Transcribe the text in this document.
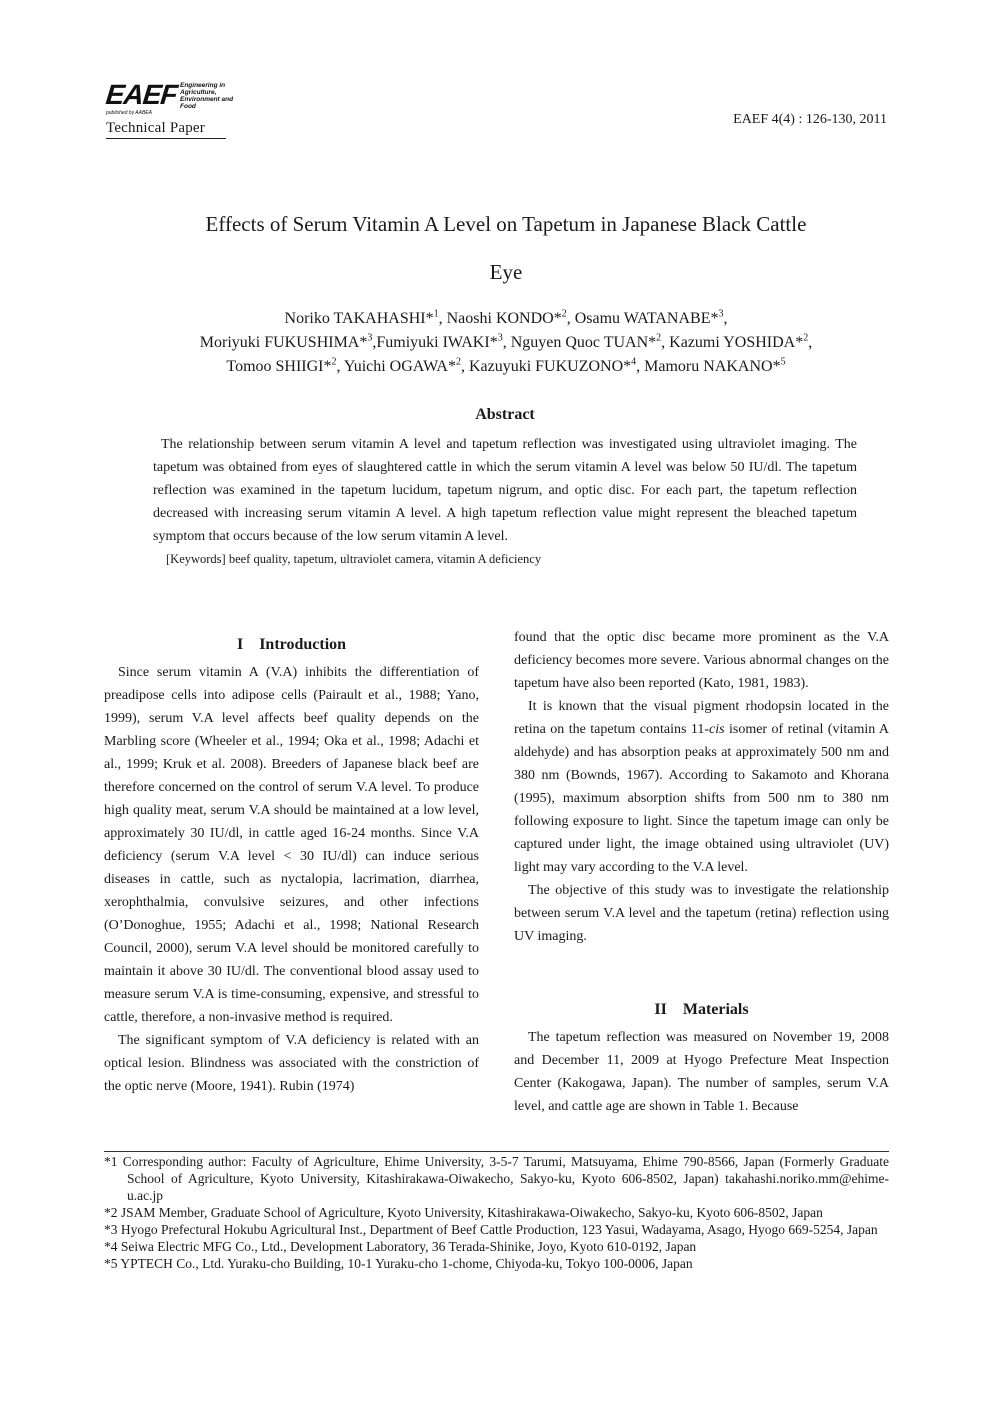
EAEF Engineering in Agriculture, Environment and Food
published by AABEA
Technical Paper
EAEF 4(4) : 126-130, 2011
Effects of Serum Vitamin A Level on Tapetum in Japanese Black Cattle
Eye
Noriko TAKAHASHI*$^1$, Naoshi KONDO*$^2$, Osamu WATANABE*$^3$,
Moriyuki FUKUSHIMA*$^3$,Fumiyuki IWAKI*$^3$, Nguyen Quoc TUAN*$^2$, Kazumi YOSHIDA*$^2$,
Tomoo SHIIGI*$^2$, Yuichi OGAWA*$^2$, Kazuyuki FUKUZONO*$^4$, Mamoru NAKANO*$^5$
Abstract
The relationship between serum vitamin A level and tapetum reflection was investigated using ultraviolet imaging. The tapetum was obtained from eyes of slaughtered cattle in which the serum vitamin A level was below 50 IU/dl. The tapetum reflection was examined in the tapetum lucidum, tapetum nigrum, and optic disc. For each part, the tapetum reflection decreased with increasing serum vitamin A level. A high tapetum reflection value might represent the bleached tapetum symptom that occurs because of the low serum vitamin A level.
[Keywords] beef quality, tapetum, ultraviolet camera, vitamin A deficiency
I Introduction

Since serum vitamin A (V.A) inhibits the differentiation of preadipose cells into adipose cells (Pairault et al., 1988; Yano, 1999), serum V.A level affects beef quality depends on the Marbling score (Wheeler et al., 1994; Oka et al., 1998; Adachi et al., 1999; Kruk et al. 2008). Breeders of Japanese black beef are therefore concerned on the control of serum V.A level. To produce high quality meat, serum V.A should be maintained at a low level, approximately 30 IU/dl, in cattle aged 16-24 months. Since V.A deficiency (serum V.A level < 30 IU/dl) can induce serious diseases in cattle, such as nyctalopia, lacrimation, diarrhea, xerophthalmia, convulsive seizures, and other infections (O’Donoghue, 1955; Adachi et al., 1998; National Research Council, 2000), serum V.A level should be monitored carefully to maintain it above 30 IU/dl. The conventional blood assay used to measure serum V.A is time-consuming, expensive, and stressful to cattle, therefore, a non-invasive method is required.

The significant symptom of V.A deficiency is related with an optical lesion. Blindness was associated with the constriction of the optic nerve (Moore, 1941). Rubin (1974)

found that the optic disc became more prominent as the V.A deficiency becomes more severe. Various abnormal changes on the tapetum have also been reported (Kato, 1981, 1983).

It is known that the visual pigment rhodopsin located in the retina on the tapetum contains 11-cis isomer of retinal (vitamin A aldehyde) and has absorption peaks at approximately 500 nm and 380 nm (Bownds, 1967). According to Sakamoto and Khorana (1995), maximum absorption shifts from 500 nm to 380 nm following exposure to light. Since the tapetum image can only be captured under light, the image obtained using ultraviolet (UV) light may vary according to the V.A level.

The objective of this study was to investigate the relationship between serum V.A level and the tapetum (retina) reflection using UV imaging.

II Materials

The tapetum reflection was measured on November 19, 2008 and December 11, 2009 at Hyogo Prefecture Meat Inspection Center (Kakogawa, Japan). The number of samples, serum V.A level, and cattle age are shown in Table 1. Because

*1 Corresponding author: Faculty of Agriculture, Ehime University, 3-5-7 Tarumi, Matsuyama, Ehime 790-8566, Japan (Formerly Graduate School of Agriculture, Kyoto University, Kitashirakawa-Oiwakecho, Sakyo-ku, Kyoto 606-8502, Japan) takahashi.noriko.mm@ehime-u.ac.jp

*2 JSAM Member, Graduate School of Agriculture, Kyoto University, Kitashirakawa-Oiwakecho, Sakyo-ku, Kyoto 606-8502, Japan

*3 Hyogo Prefectural Hokubu Agricultural Inst., Department of Beef Cattle Production, 123 Yasui, Wadayama, Asago, Hyogo 669-5254, Japan

*4 Seiwa Electric MFG Co., Ltd., Development Laboratory, 36 Terada-Shinike, Joyo, Kyoto 610-0192, Japan

*5 YPTECH Co., Ltd. Yuraku-cho Building, 10-1 Yuraku-cho 1-chome, Chiyoda-ku, Tokyo 100-0006, Japan
